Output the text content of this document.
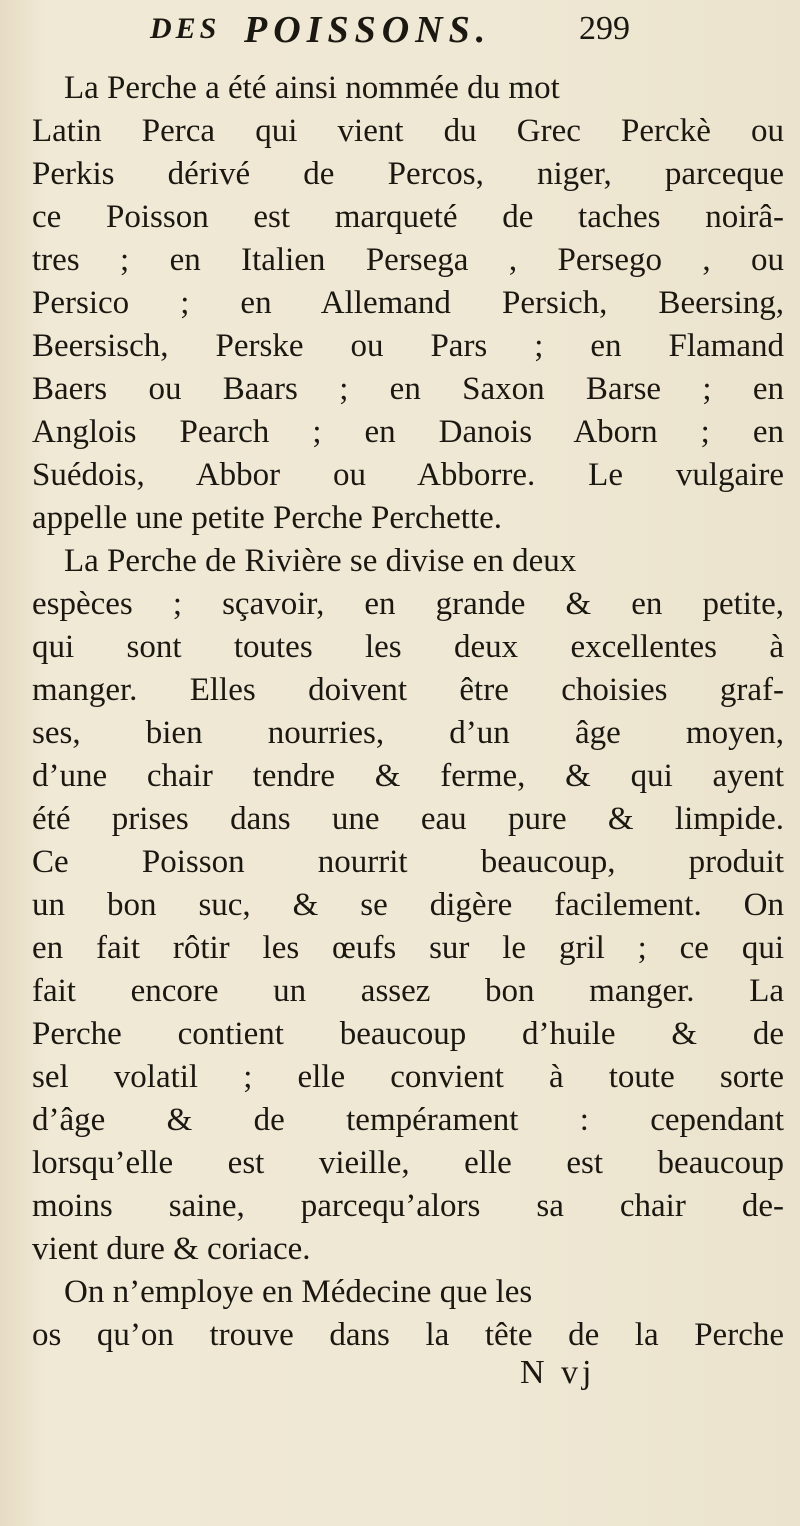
DES POISSONS.	299
La Perche a été ainsi nommée du mot
Latin Perca qui vient du Grec Perckè ou
Perkis dérivé de Percos, niger, parceque
ce Poisson est marqueté de taches noirâ-
tres ; en Italien Persega , Persego , ou
Persico ; en Allemand Persich, Beersing,
Beersisch, Perske ou Pars ; en Flamand
Baers ou Baars ; en Saxon Barse ; en
Anglois Pearch ; en Danois Aborn ; en
Suédois, Abbor ou Abborre. Le vulgaire
appelle une petite Perche Perchette.
La Perche de Rivière se divise en deux
espèces ; sçavoir, en grande & en petite,
qui sont toutes les deux excellentes à
manger. Elles doivent être choisies graf-
ses, bien nourries, d’un âge moyen,
d’une chair tendre & ferme, & qui ayent
été prises dans une eau pure & limpide.
Ce Poisson nourrit beaucoup, produit
un bon suc, & se digère facilement. On
en fait rôtir les œufs sur le gril ; ce qui
fait encore un assez bon manger. La
Perche contient beaucoup d’huile & de
sel volatil ; elle convient à toute sorte
d’âge & de tempérament : cependant
lorsqu’elle est vieille, elle est beaucoup
moins saine, parcequ’alors sa chair de-
vient dure & coriace.
On n’employe en Médecine que les
os qu’on trouve dans la tête de la Perche
N vj
